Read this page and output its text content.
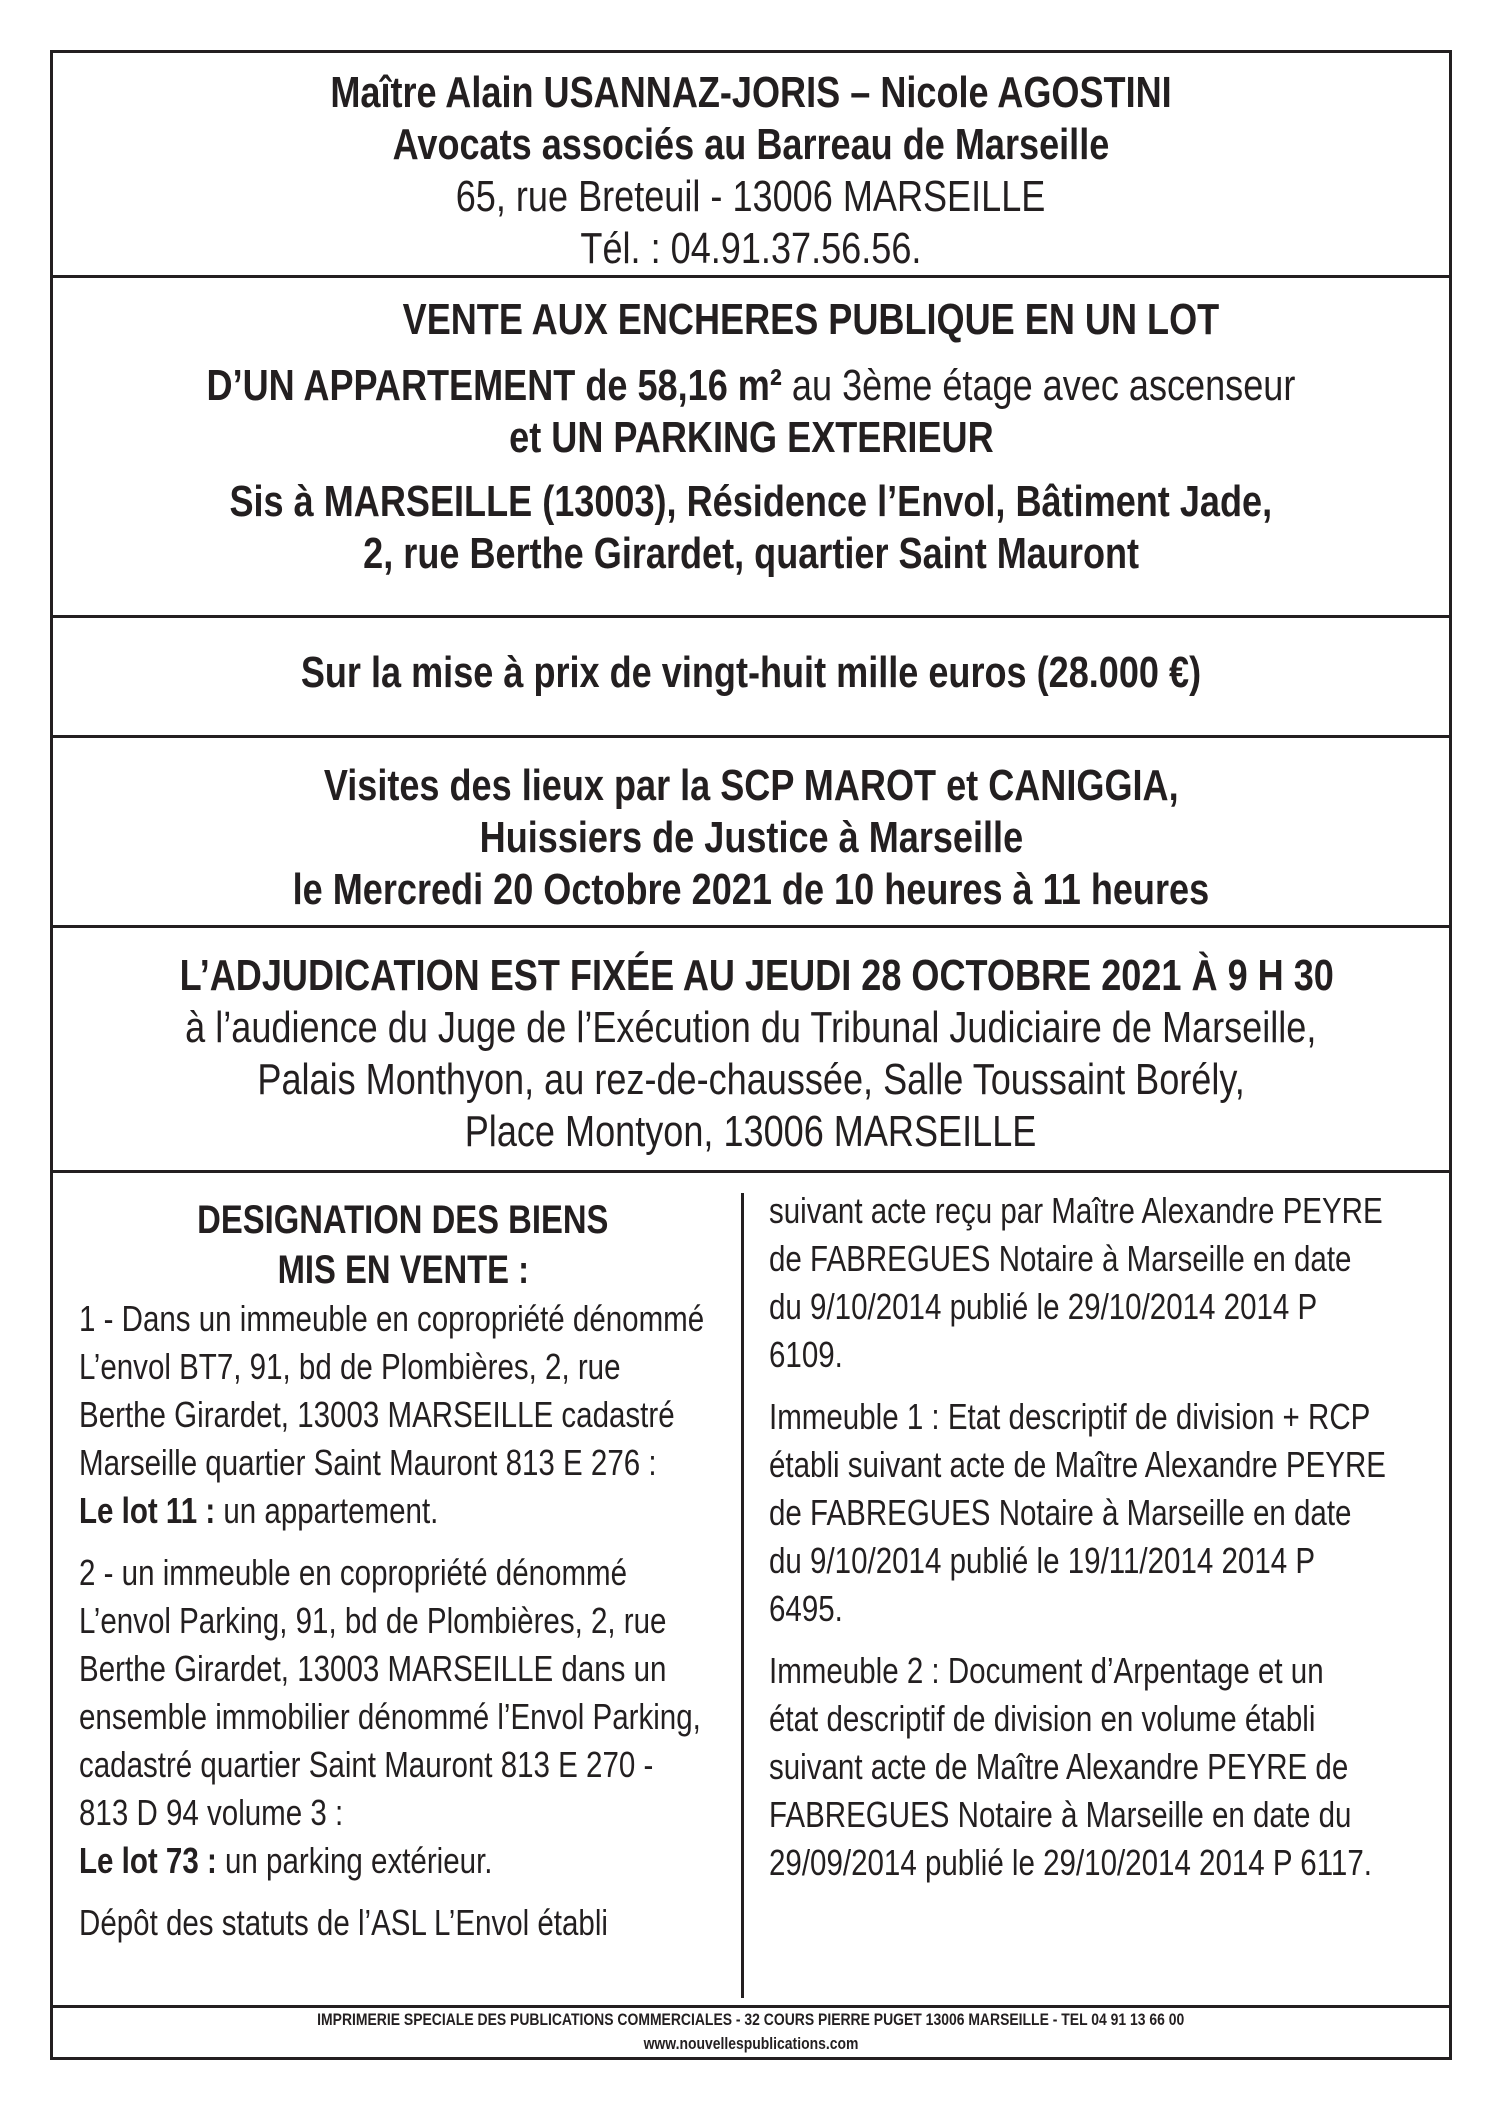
Maître Alain USANNAZ-JORIS – Nicole AGOSTINI
Avocats associés au Barreau de Marseille
65, rue Breteuil - 13006 MARSEILLE
Tél. : 04.91.37.56.56.
VENTE AUX ENCHERES PUBLIQUE EN UN LOT
D’UN APPARTEMENT de 58,16 m² au 3ème étage avec ascenseur
et UN PARKING EXTERIEUR
Sis à MARSEILLE (13003), Résidence l’Envol, Bâtiment Jade,
2, rue Berthe Girardet, quartier Saint Mauront
Sur la mise à prix de vingt-huit mille euros (28.000 €)
Visites des lieux par la SCP MAROT et CANIGGIA,
Huissiers de Justice à Marseille
le Mercredi 20 Octobre 2021 de 10 heures à 11 heures
L’ADJUDICATION EST FIXÉE AU JEUDI 28 OCTOBRE 2021 À 9 H 30
à l’audience du Juge de l’Exécution du Tribunal Judiciaire de Marseille,
Palais Monthyon, au rez-de-chaussée, Salle Toussaint Borély,
Place Montyon, 13006 MARSEILLE
DESIGNATION DES BIENS
MIS EN VENTE :
1 - Dans un immeuble en copropriété dénommé
L’envol BT7, 91, bd de Plombières, 2, rue
Berthe Girardet, 13003 MARSEILLE cadastré
Marseille quartier Saint Mauront 813 E 276 :
Le lot 11 : un appartement.
2 - un immeuble en copropriété dénommé
L’envol Parking, 91, bd de Plombières, 2, rue
Berthe Girardet, 13003 MARSEILLE dans un
ensemble immobilier dénommé l’Envol Parking,
cadastré quartier Saint Mauront 813 E 270 -
813 D 94 volume 3 :
Le lot 73 : un parking extérieur.
Dépôt des statuts de l’ASL L’Envol établi
suivant acte reçu par Maître Alexandre PEYRE
de FABREGUES Notaire à Marseille en date
du 9/10/2014 publié le 29/10/2014 2014 P
6109.
Immeuble 1 : Etat descriptif de division + RCP
établi suivant acte de Maître Alexandre PEYRE
de FABREGUES Notaire à Marseille en date
du 9/10/2014 publié le 19/11/2014 2014 P
6495.
Immeuble 2 : Document d’Arpentage et un
état descriptif de division en volume établi
suivant acte de Maître Alexandre PEYRE de
FABREGUES Notaire à Marseille en date du
29/09/2014 publié le 29/10/2014 2014 P 6117.
IMPRIMERIE SPECIALE DES PUBLICATIONS COMMERCIALES - 32 COURS PIERRE PUGET 13006 MARSEILLE - TEL 04 91 13 66 00
www.nouvellespublications.com
